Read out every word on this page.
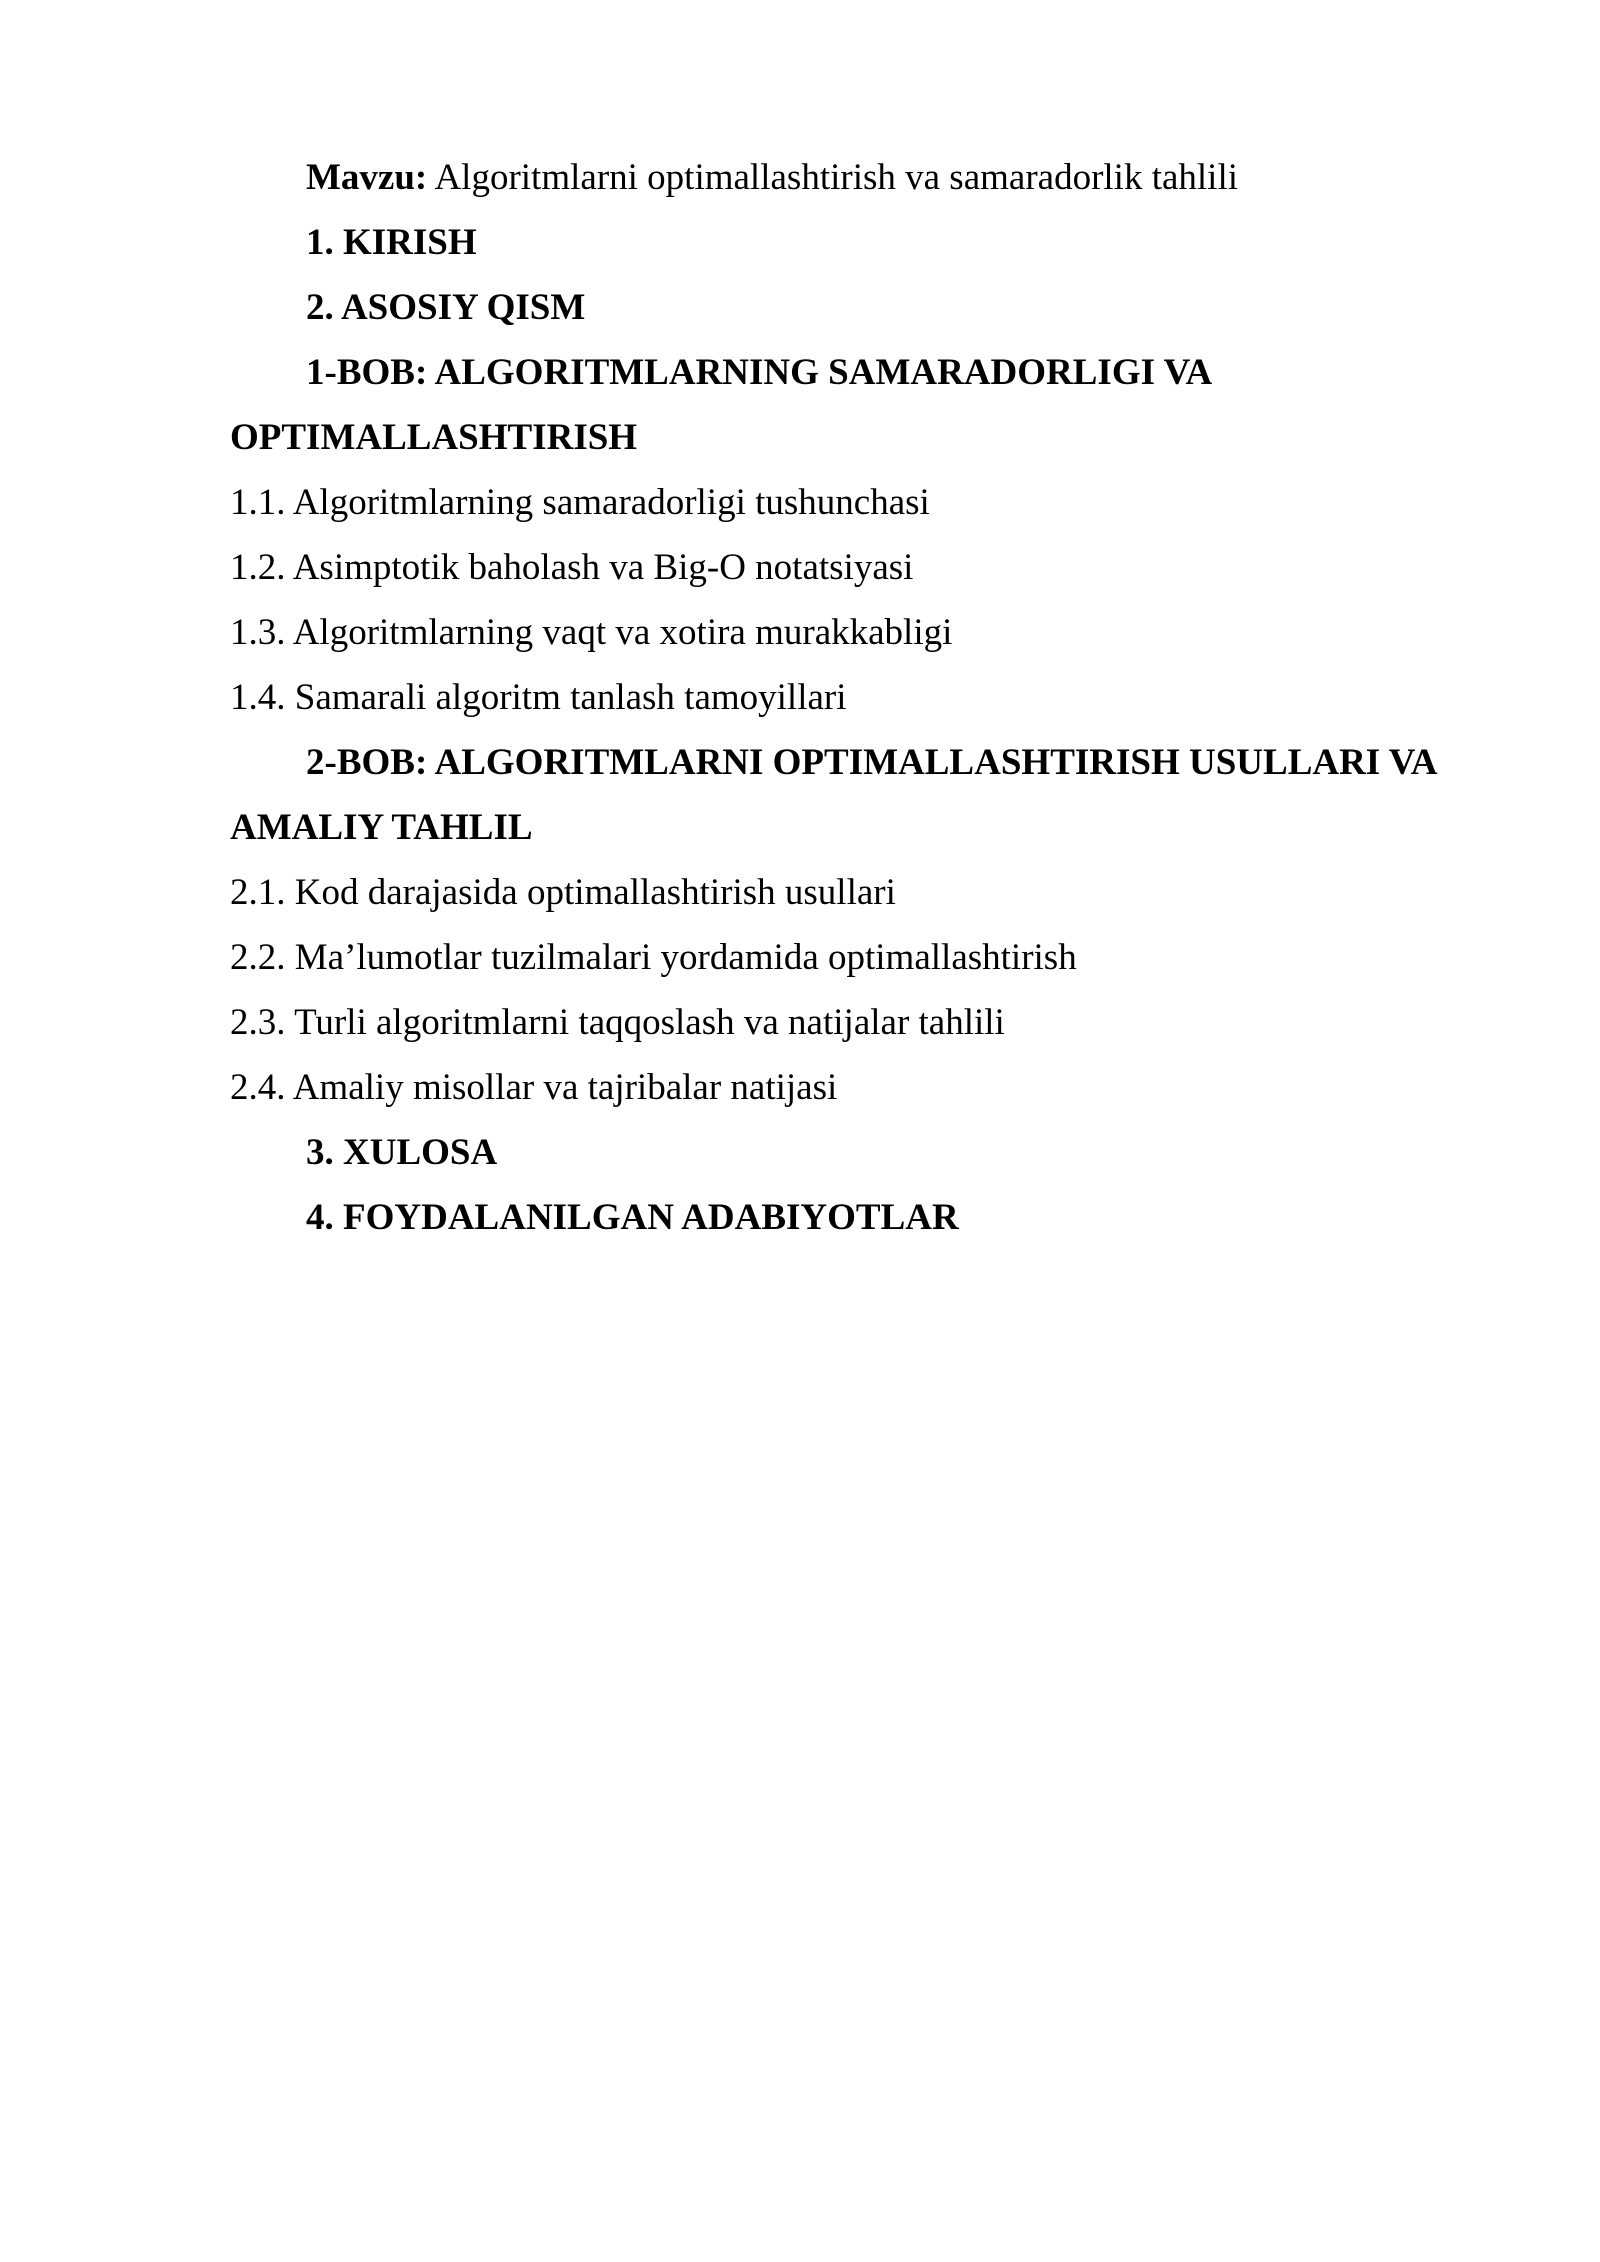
Mavzu: Algoritmlarni optimallashtirish va samaradorlik tahlili

1. KIRISH

2. ASOSIY QISM

1-BOB: ALGORITMLARNING SAMARADORLIGI VA

OPTIMALLASHTIRISH

1.1. Algoritmlarning samaradorligi tushunchasi

1.2. Asimptotik baholash va Big-O notatsiyasi

1.3. Algoritmlarning vaqt va xotira murakkabligi

1.4. Samarali algoritm tanlash tamoyillari

2-BOB: ALGORITMLARNI OPTIMALLASHTIRISH USULLARI VA

AMALIY TAHLIL

2.1. Kod darajasida optimallashtirish usullari

2.2. Ma’lumotlar tuzilmalari yordamida optimallashtirish

2.3. Turli algoritmlarni taqqoslash va natijalar tahlili

2.4. Amaliy misollar va tajribalar natijasi

3. XULOSA

4. FOYDALANILGAN ADABIYOTLAR
